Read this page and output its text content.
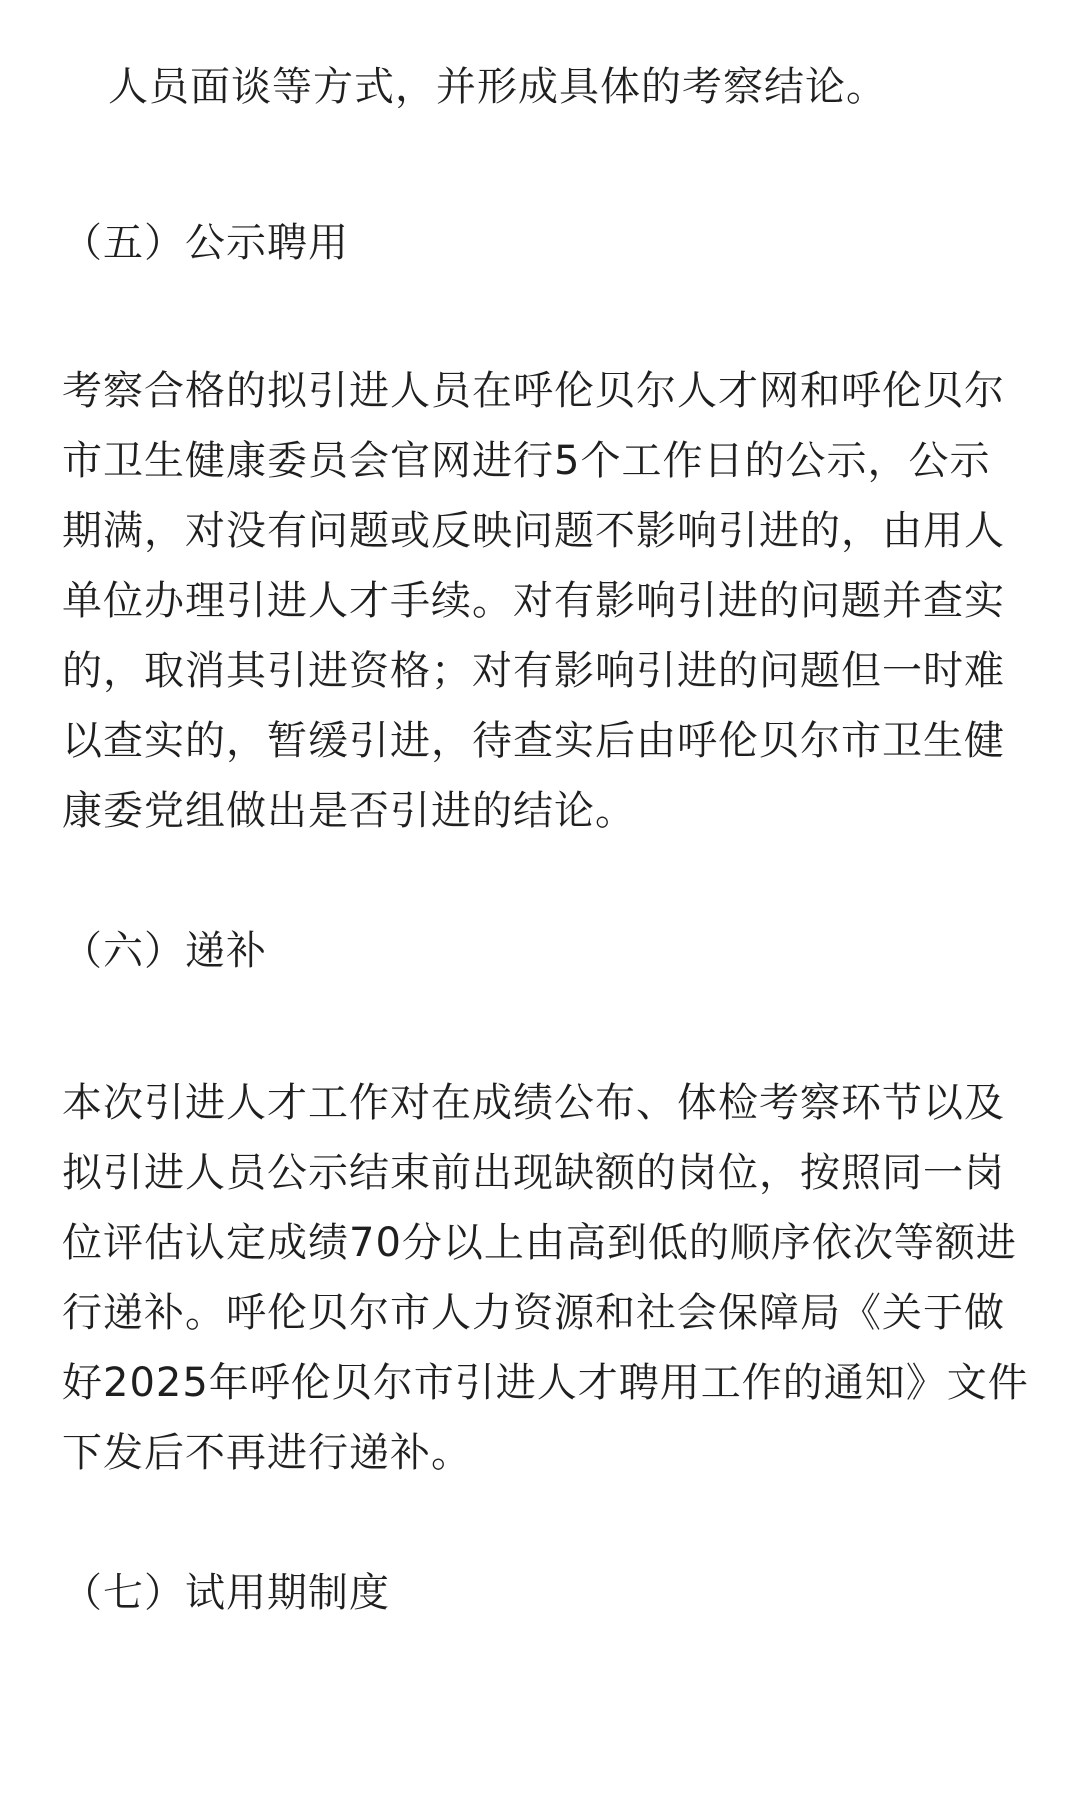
人员面谈等方式，并形成具体的考察结论。
（五）公示聘用
考察合格的拟引进人员在呼伦贝尔人才网和呼伦贝尔
市卫生健康委员会官网进行5个工作日的公示，公示
期满，对没有问题或反映问题不影响引进的，由用人
单位办理引进人才手续。对有影响引进的问题并查实
的，取消其引进资格；对有影响引进的问题但一时难
以查实的，暂缓引进，待查实后由呼伦贝尔市卫生健
康委党组做出是否引进的结论。
（六）递补
本次引进人才工作对在成绩公布、体检考察环节以及
拟引进人员公示结束前出现缺额的岗位，按照同一岗
位评估认定成绩70分以上由高到低的顺序依次等额进
行递补。呼伦贝尔市人力资源和社会保障局《关于做
好2025年呼伦贝尔市引进人才聘用工作的通知》文件
下发后不再进行递补。
（七）试用期制度
